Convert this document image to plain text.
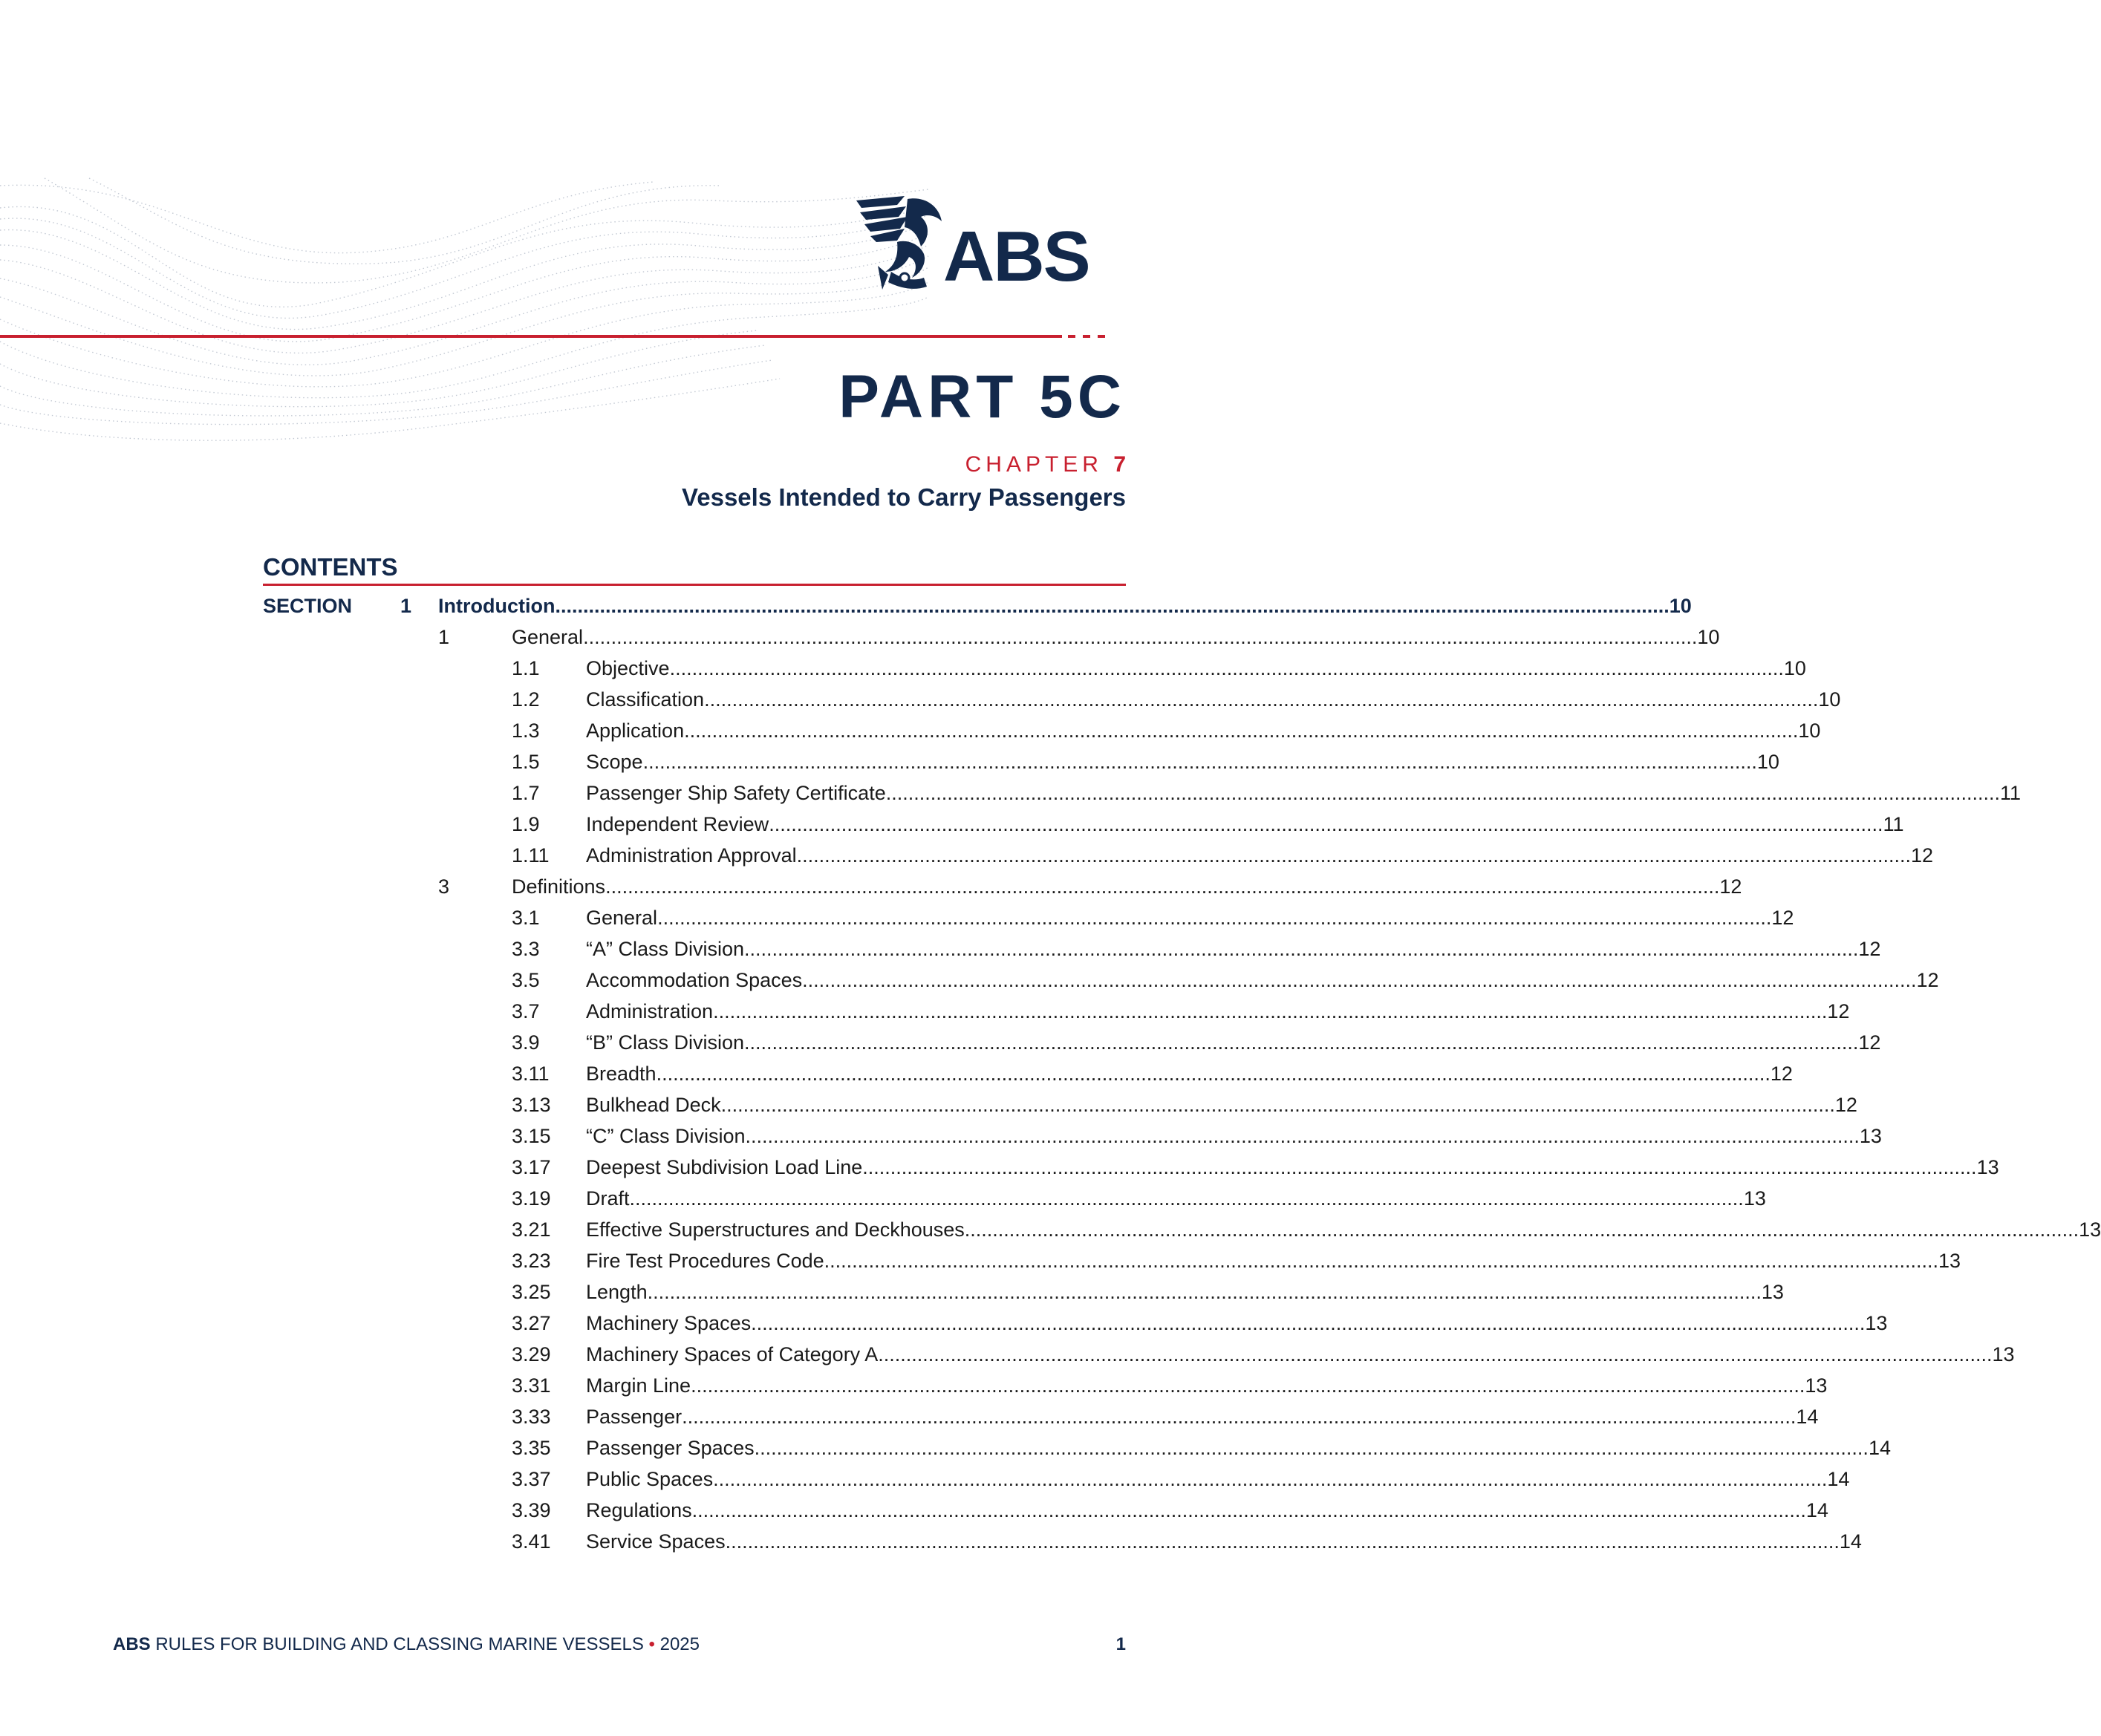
ABS
PART 5C
CHAPTER 7
Vessels Intended to Carry Passengers
CONTENTS
SECTION 1 Introduction ........................................................................................................................................................................................................ 10
1	General ........................................................................................................................................................................................................ 10
1.1 Objective ........................................................................................................................................................................................................ 10
1.2 Classification ........................................................................................................................................................................................................ 10
1.3 Application ........................................................................................................................................................................................................ 10
1.5 Scope ........................................................................................................................................................................................................ 10
1.7 Passenger Ship Safety Certificate ........................................................................................................................................................................................................ 11
1.9 Independent Review ........................................................................................................................................................................................................ 11
1.11 Administration Approval ........................................................................................................................................................................................................ 12
3	Definitions ........................................................................................................................................................................................................ 12
3.1 General ........................................................................................................................................................................................................ 12
3.3 “A” Class Division ........................................................................................................................................................................................................ 12
3.5 Accommodation Spaces ........................................................................................................................................................................................................ 12
3.7 Administration ........................................................................................................................................................................................................ 12
3.9 “B” Class Division ........................................................................................................................................................................................................ 12
3.11 Breadth ........................................................................................................................................................................................................ 12
3.13 Bulkhead Deck ........................................................................................................................................................................................................ 12
3.15 “C” Class Division ........................................................................................................................................................................................................ 13
3.17 Deepest Subdivision Load Line ........................................................................................................................................................................................................ 13
3.19 Draft ........................................................................................................................................................................................................ 13
3.21 Effective Superstructures and Deckhouses ........................................................................................................................................................................................................ 13
3.23 Fire Test Procedures Code ........................................................................................................................................................................................................ 13
3.25 Length ........................................................................................................................................................................................................ 13
3.27 Machinery Spaces ........................................................................................................................................................................................................ 13
3.29 Machinery Spaces of Category A ........................................................................................................................................................................................................ 13
3.31 Margin Line ........................................................................................................................................................................................................ 13
3.33 Passenger ........................................................................................................................................................................................................ 14
3.35 Passenger Spaces ........................................................................................................................................................................................................ 14
3.37 Public Spaces ........................................................................................................................................................................................................ 14
3.39 Regulations ........................................................................................................................................................................................................ 14
3.41 Service Spaces ........................................................................................................................................................................................................ 14
ABS RULES FOR BUILDING AND CLASSING MARINE VESSELS • 2025	1
